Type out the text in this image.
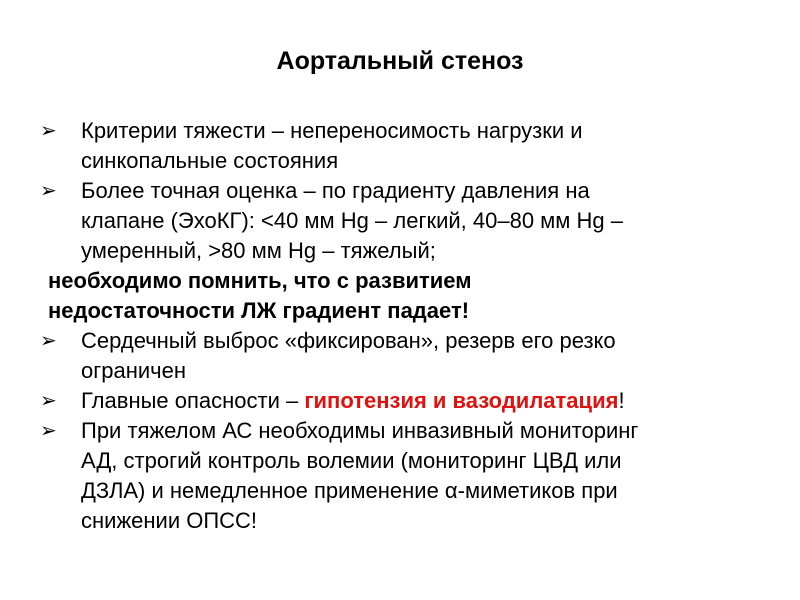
Аортальный стеноз
➢	Критерии тяжести – непереносимость нагрузки и
синкопальные состояния
➢	Более точная оценка – по градиенту давления на
клапане (ЭхоКГ): <40 мм Hg – легкий, 40–80 мм Hg –
умеренный, >80 мм Hg – тяжелый;
необходимо помнить, что с развитием
недостаточности ЛЖ градиент падает!
➢	Сердечный выброс «фиксирован», резерв его резко
ограничен
➢	Главные опасности – гипотензия и вазодилатация!
➢	При тяжелом АС необходимы инвазивный мониторинг
АД, строгий контроль волемии (мониторинг ЦВД или
ДЗЛА) и немедленное применение α-миметиков при
снижении ОПСС!
